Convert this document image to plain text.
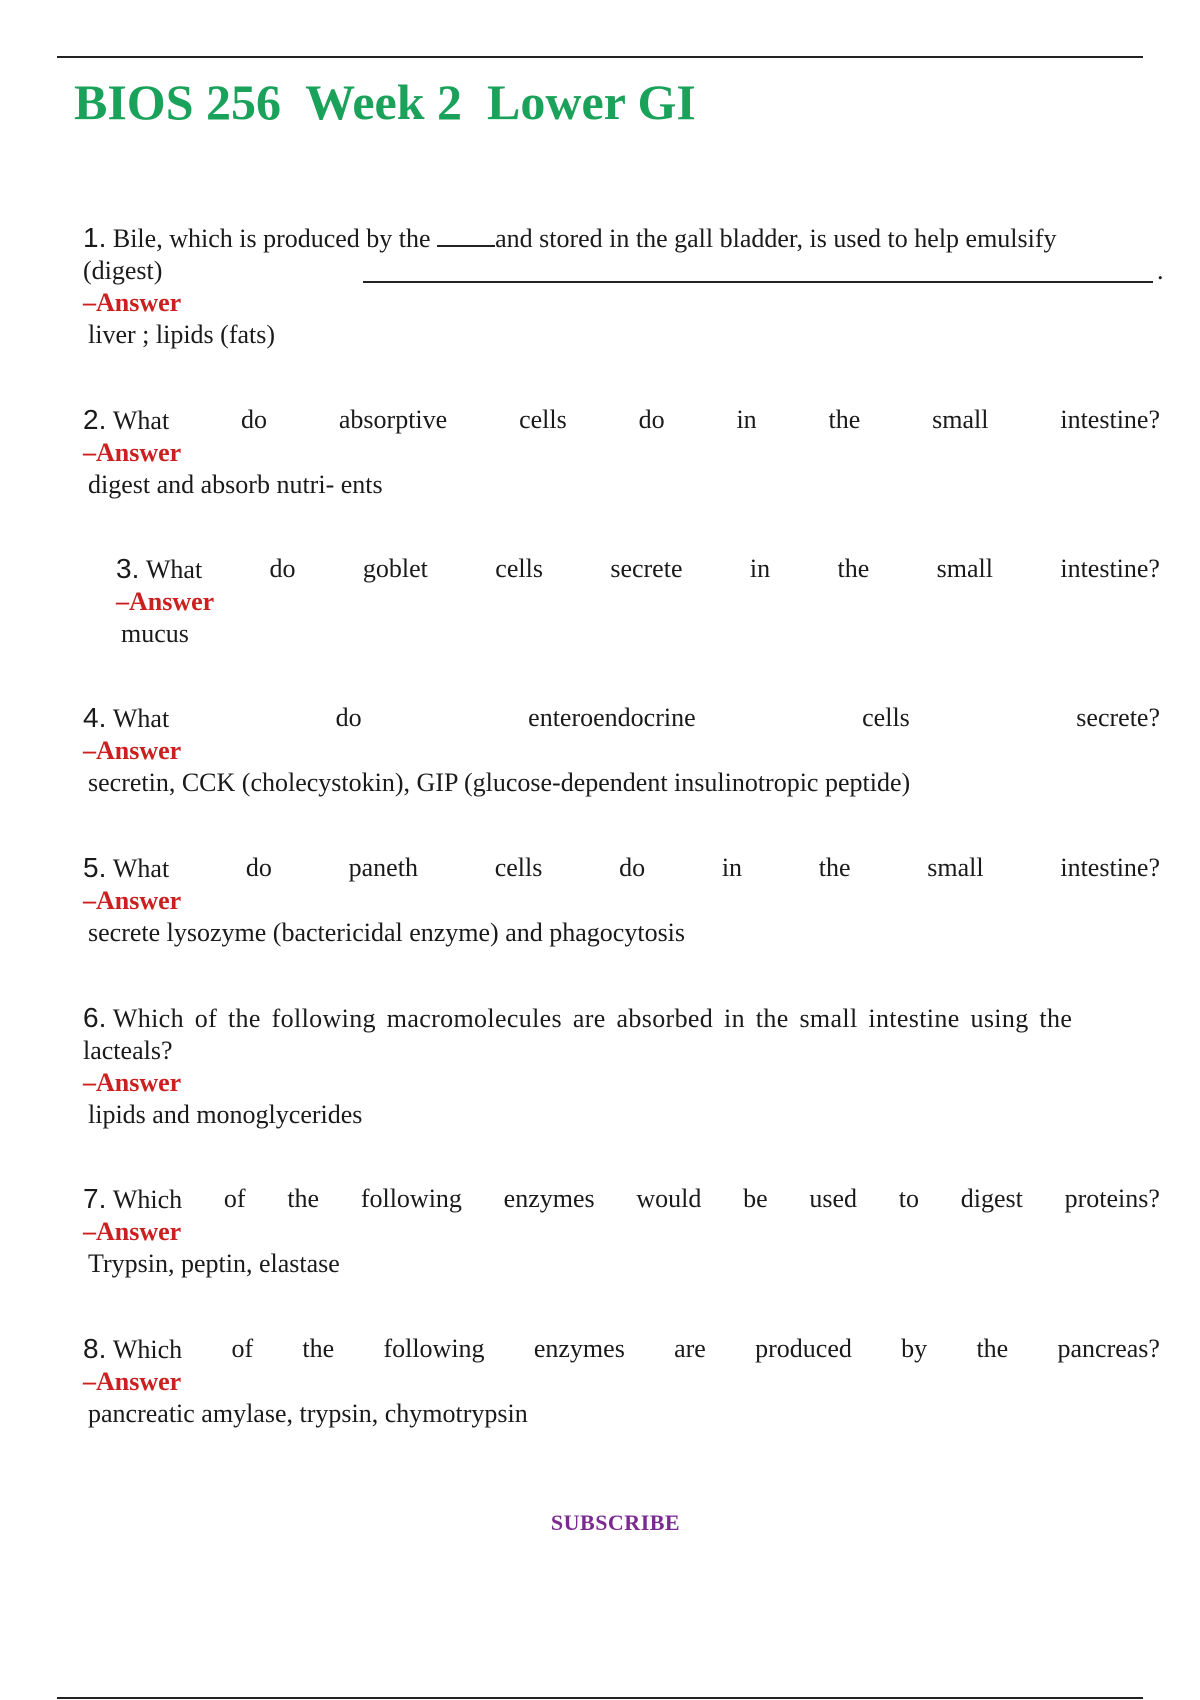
BIOS 256  Week 2  Lower GI
1. Bile, which is produced by the and stored in the gall bladder, is used to help emulsify
(digest)	.
–Answer
liver ; lipids (fats)
2. What	do	absorptive	cells	do	in	the	small	intestine?
–Answer
digest and absorb nutri- ents
3. What	do	goblet	cells	secrete	in	the	small	intestine?
–Answer
mucus
4. What	do	enteroendocrine	cells	secrete?
–Answer
secretin, CCK (cholecystokin), GIP (glucose-dependent insulinotropic peptide)
5. What	do	paneth	cells	do	in	the	small	intestine?
–Answer
secrete lysozyme (bactericidal enzyme) and phagocytosis
6. Which of the following macromolecules are absorbed in the small intestine using the
lacteals?
–Answer
lipids and monoglycerides
7. Which of the following enzymes would be used to digest proteins?
–Answer
Trypsin, peptin, elastase
8. Which of the following enzymes are produced by the pancreas?
–Answer
pancreatic amylase, trypsin, chymotrypsin
SUBSCRIBE
